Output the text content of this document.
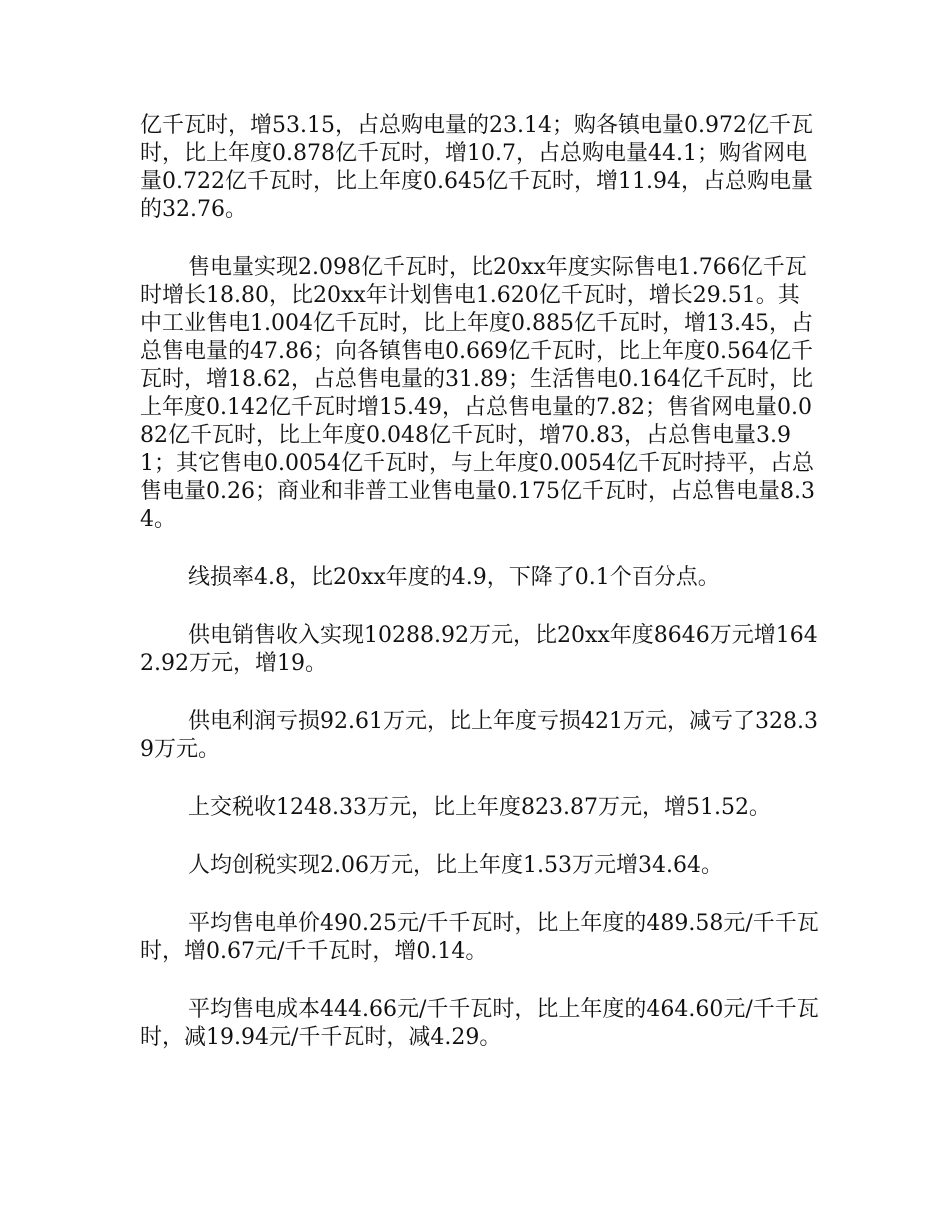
亿千瓦时，增53.15，占总购电量的23.14；购各镇电量0.972亿千瓦时，比上年度0.878亿千瓦时，增10.7，占总购电量44.1；购省网电量0.722亿千瓦时，比上年度0.645亿千瓦时，增11.94，占总购电量的32.76。

售电量实现2.098亿千瓦时，比20xx年度实际售电1.766亿千瓦时增长18.80，比20xx年计划售电1.620亿千瓦时，增长29.51。其中工业售电1.004亿千瓦时，比上年度0.885亿千瓦时，增13.45，占总售电量的47.86；向各镇售电0.669亿千瓦时，比上年度0.564亿千瓦时，增18.62，占总售电量的31.89；生活售电0.164亿千瓦时，比上年度0.142亿千瓦时增15.49，占总售电量的7.82；售省网电量0.082亿千瓦时，比上年度0.048亿千瓦时，增70.83，占总售电量3.91；其它售电0.0054亿千瓦时，与上年度0.0054亿千瓦时持平，占总售电量0.26；商业和非普工业售电量0.175亿千瓦时，占总售电量8.34。

线损率4.8，比20xx年度的4.9，下降了0.1个百分点。

供电销售收入实现10288.92万元，比20xx年度8646万元增1642.92万元，增19。

供电利润亏损92.61万元，比上年度亏损421万元，减亏了328.39万元。

上交税收1248.33万元，比上年度823.87万元，增51.52。

人均创税实现2.06万元，比上年度1.53万元增34.64。

平均售电单价490.25元/千千瓦时，比上年度的489.58元/千千瓦时，增0.67元/千千瓦时，增0.14。

平均售电成本444.66元/千千瓦时，比上年度的464.60元/千千瓦时，减19.94元/千千瓦时，减4.29。
